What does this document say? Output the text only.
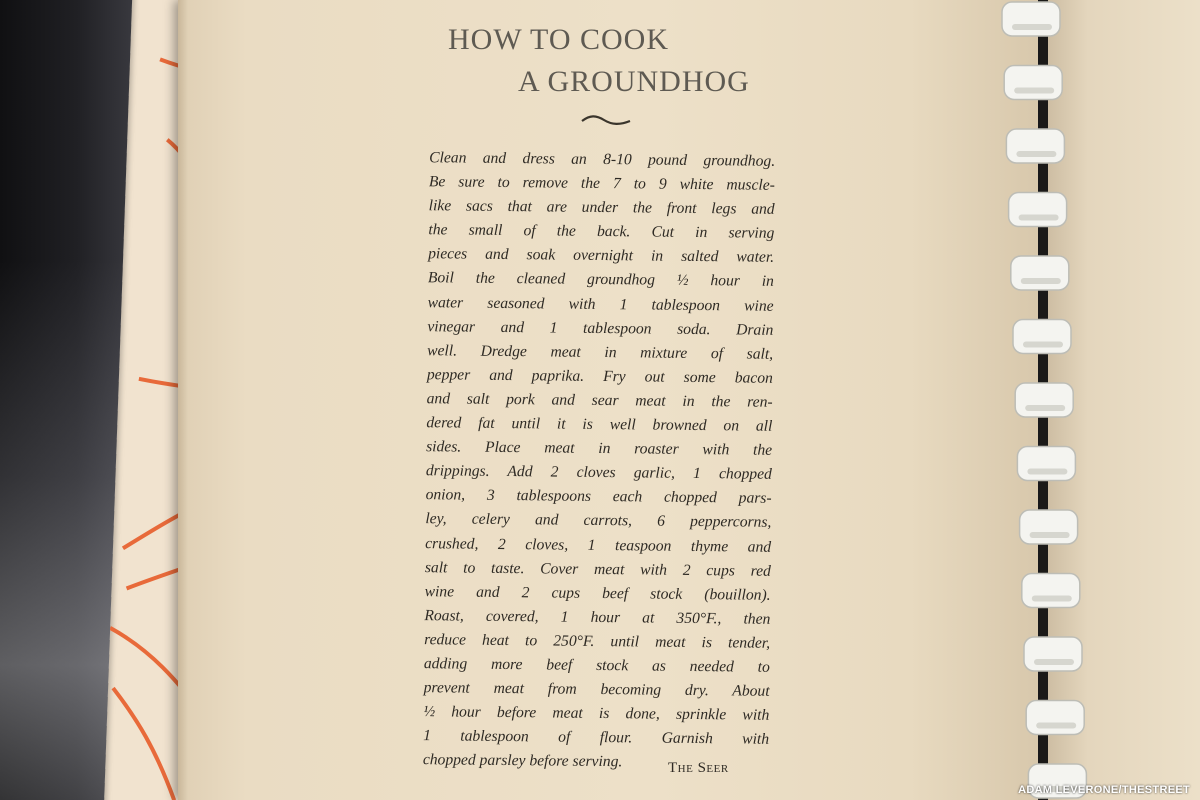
HOW TO COOK
A GROUNDHOG
Clean and dress an 8-10 pound groundhog.
Be sure to remove the 7 to 9 white muscle-
like sacs that are under the front legs and
the small of the back. Cut in serving
pieces and soak overnight in salted water.
Boil the cleaned groundhog ½ hour in
water seasoned with 1 tablespoon wine
vinegar and 1 tablespoon soda. Drain
well. Dredge meat in mixture of salt,
pepper and paprika. Fry out some bacon
and salt pork and sear meat in the ren-
dered fat until it is well browned on all
sides. Place meat in roaster with the
drippings. Add 2 cloves garlic, 1 chopped
onion, 3 tablespoons each chopped pars-
ley, celery and carrots, 6 peppercorns,
crushed, 2 cloves, 1 teaspoon thyme and
salt to taste. Cover meat with 2 cups red
wine and 2 cups beef stock (bouillon).
Roast, covered, 1 hour at 350°F., then
reduce heat to 250°F. until meat is tender,
adding more beef stock as needed to
prevent meat from becoming dry. About
½ hour before meat is done, sprinkle with
1 tablespoon of flour. Garnish with
chopped parsley before serving.	The Seer
ADAM LEVERONE/THESTREET
